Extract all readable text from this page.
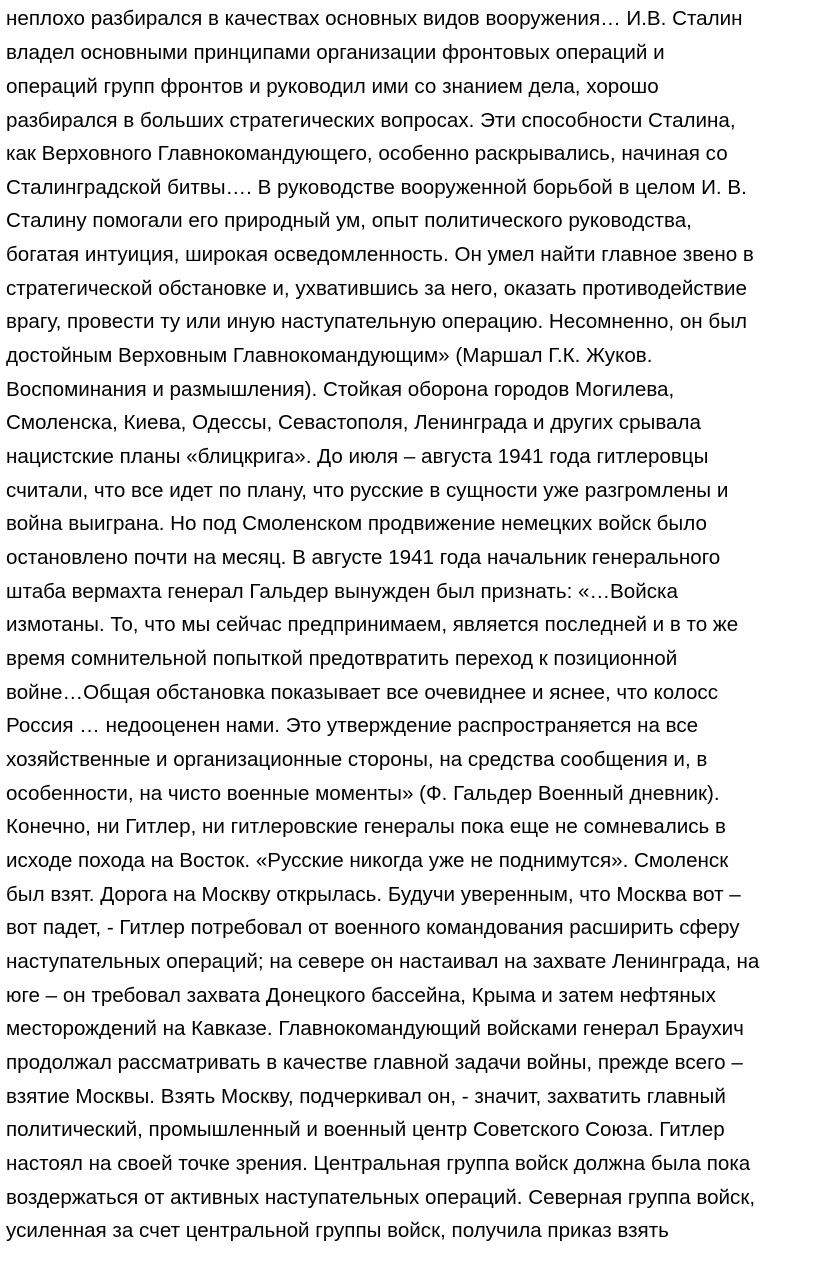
неплохо разбирался в качествах основных видов вооружения… И.В. Сталин

владел основными принципами организации фронтовых операций и

операций групп фронтов и руководил ими со знанием дела, хорошо

разбирался в больших стратегических вопросах. Эти способности Сталина,

как Верховного Главнокомандующего, особенно раскрывались, начиная со

Сталинградской битвы…. В руководстве вооруженной борьбой в целом И. В.

Сталину помогали его природный ум, опыт политического руководства,

богатая интуиция, широкая осведомленность. Он умел найти главное звено в

стратегической обстановке и, ухватившись за него, оказать противодействие

врагу, провести ту или иную наступательную операцию. Несомненно, он был

достойным Верховным Главнокомандующим» (Маршал Г.К. Жуков.

Воспоминания и размышления). Стойкая оборона городов Могилева,

Смоленска, Киева, Одессы, Севастополя, Ленинграда и других срывала

нацистские планы «блицкрига». До июля – августа 1941 года гитлеровцы

считали, что все идет по плану, что русские в сущности уже разгромлены и

война выиграна. Но под Смоленском продвижение немецких войск было

остановлено почти на месяц. В августе 1941 года начальник генерального

штаба вермахта генерал Гальдер вынужден был признать: «…Войска

измотаны. То, что мы сейчас предпринимаем, является последней и в то же

время сомнительной попыткой предотвратить переход к позиционной

войне…Общая обстановка показывает все очевиднее и яснее, что колосс

Россия … недооценен нами. Это утверждение распространяется на все

хозяйственные и организационные стороны, на средства сообщения и, в

особенности, на чисто военные моменты» (Ф. Гальдер Военный дневник).

Конечно, ни Гитлер, ни гитлеровские генералы пока еще не сомневались в

исходе похода на Восток. «Русские никогда уже не поднимутся». Смоленск

был взят. Дорога на Москву открылась. Будучи уверенным, что Москва вот –

вот падет, - Гитлер потребовал от военного командования расширить сферу

наступательных операций; на севере он настаивал на захвате Ленинграда, на

юге – он требовал захвата Донецкого бассейна, Крыма и затем нефтяных

месторождений на Кавказе. Главнокомандующий войсками генерал Браухич

продолжал рассматривать в качестве главной задачи войны, прежде всего –

взятие Москвы. Взять Москву, подчеркивал он, - значит, захватить главный

политический, промышленный и военный центр Советского Союза. Гитлер

настоял на своей точке зрения. Центральная группа войск должна была пока

воздержаться от активных наступательных операций. Северная группа войск,

усиленная за счет центральной группы войск, получила приказ взять
